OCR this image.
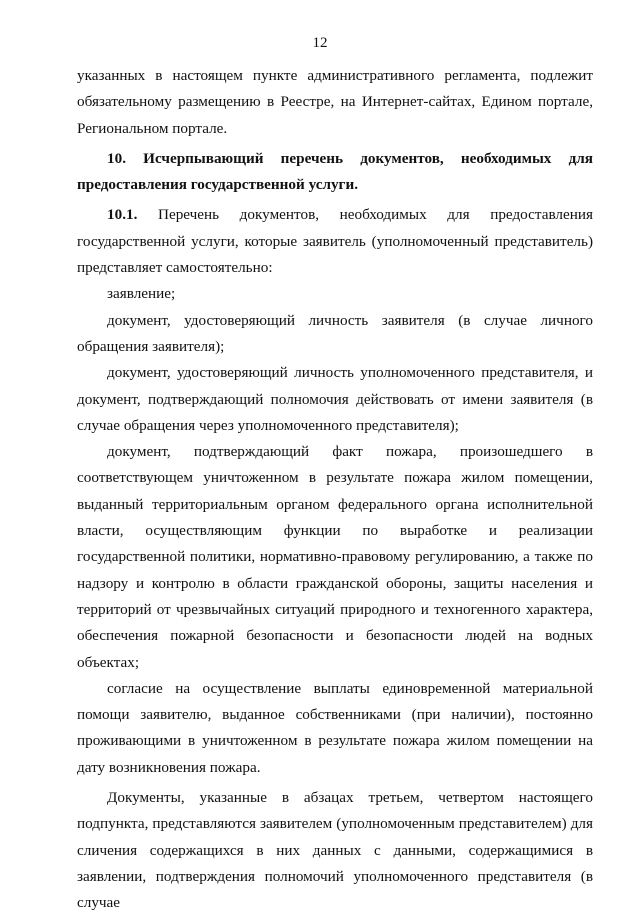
12

указанных в настоящем пункте административного регламента, подлежит обязательному размещению в Реестре, на Интернет-сайтах, Едином портале, Региональном портале.

10. Исчерпывающий перечень документов, необходимых для предоставления государственной услуги.

10.1. Перечень документов, необходимых для предоставления государственной услуги, которые заявитель (уполномоченный представитель) представляет самостоятельно:

заявление;

документ, удостоверяющий личность заявителя (в случае личного обращения заявителя);

документ, удостоверяющий личность уполномоченного представителя, и документ, подтверждающий полномочия действовать от имени заявителя (в случае обращения через уполномоченного представителя);

документ, подтверждающий факт пожара, произошедшего в соответствующем уничтоженном в результате пожара жилом помещении, выданный территориальным органом федерального органа исполнительной власти, осуществляющим функции по выработке и реализации государственной политики, нормативно-правовому регулированию, а также по надзору и контролю в области гражданской обороны, защиты населения и территорий от чрезвычайных ситуаций природного и техногенного характера, обеспечения пожарной безопасности и безопасности людей на водных объектах;

согласие на осуществление выплаты единовременной материальной помощи заявителю, выданное собственниками (при наличии), постоянно проживающими в уничтоженном в результате пожара жилом помещении на дату возникновения пожара.

Документы, указанные в абзацах третьем, четвертом настоящего подпункта, представляются заявителем (уполномоченным представителем) для сличения содержащихся в них данных с данными, содержащимися в заявлении, подтверждения полномочий уполномоченного представителя (в случае
